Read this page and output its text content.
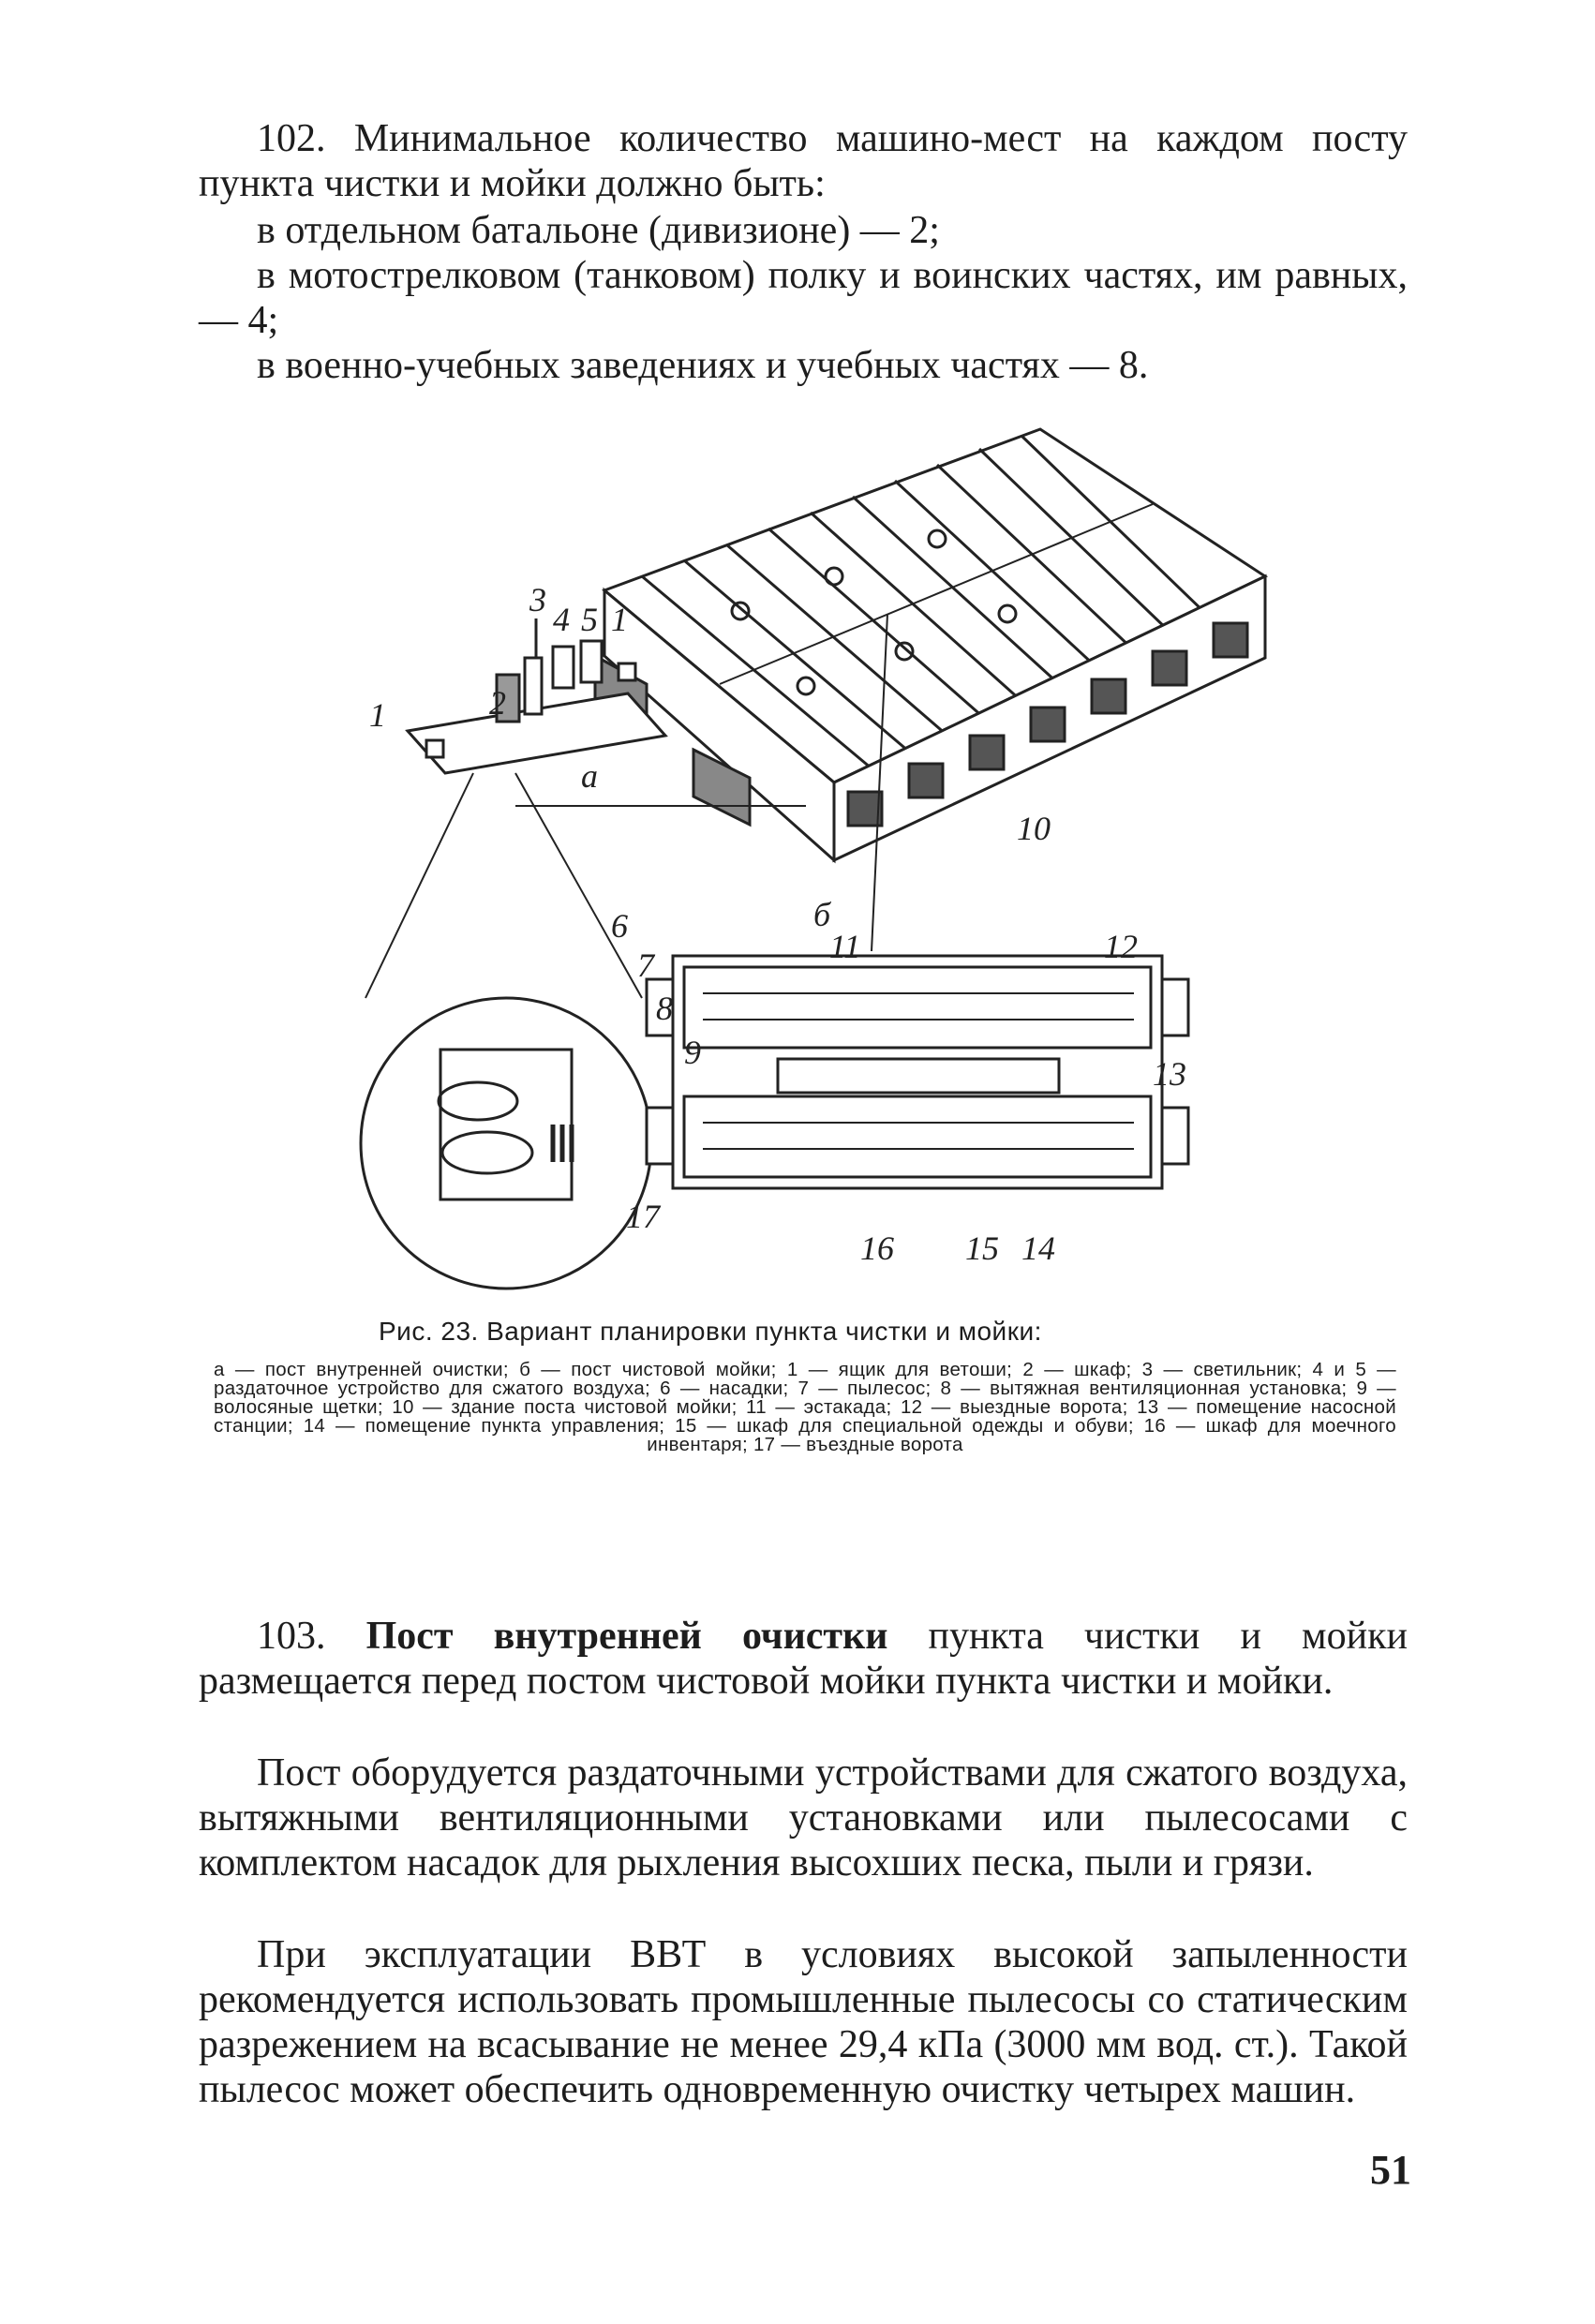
102. Минимальное количество машино-мест на каждом посту пункта чистки и мойки должно быть:

в отдельном батальоне (дивизионе) — 2;

в мотострелковом (танковом) полку и воинских частях, им равных,— 4;

в военно-учебных заведениях и учебных частях — 8.

1	2
3
4 5 1
а
6
7
8
9
10
б
11	12
13
17
16 15 14
Рис. 23. Вариант планировки пункта чистки и мойки:

а — пост внутренней очистки; б — пост чистовой мойки; 1 — ящик для ветоши; 2 — шкаф; 3 — светильник; 4 и 5 — раздаточное устройство для сжатого воздуха; 6 — насадки; 7 — пылесос; 8 — вытяжная вентиляционная установка; 9 — волосяные щетки; 10 — здание поста чистовой мойки; 11 — эстакада; 12 — выездные ворота; 13 — помещение насосной станции; 14 — помещение пункта управления; 15 — шкаф для специальной одежды и обуви; 16 — шкаф для моечного инвентаря; 17 — въездные ворота

103. Пост внутренней очистки пункта чистки и мойки размещается перед постом чистовой мойки пункта чистки и мойки.

Пост оборудуется раздаточными устройствами для сжатого воздуха, вытяжными вентиляционными установками или пылесосами с комплектом насадок для рыхления высохших песка, пыли и грязи.

При эксплуатации ВВТ в условиях высокой запыленности рекомендуется использовать промышленные пылесосы со статическим разрежением на всасывание не менее 29,4 кПа (3000 мм вод. ст.). Такой пылесос может обеспечить одновременную очистку четырех машин.

51
